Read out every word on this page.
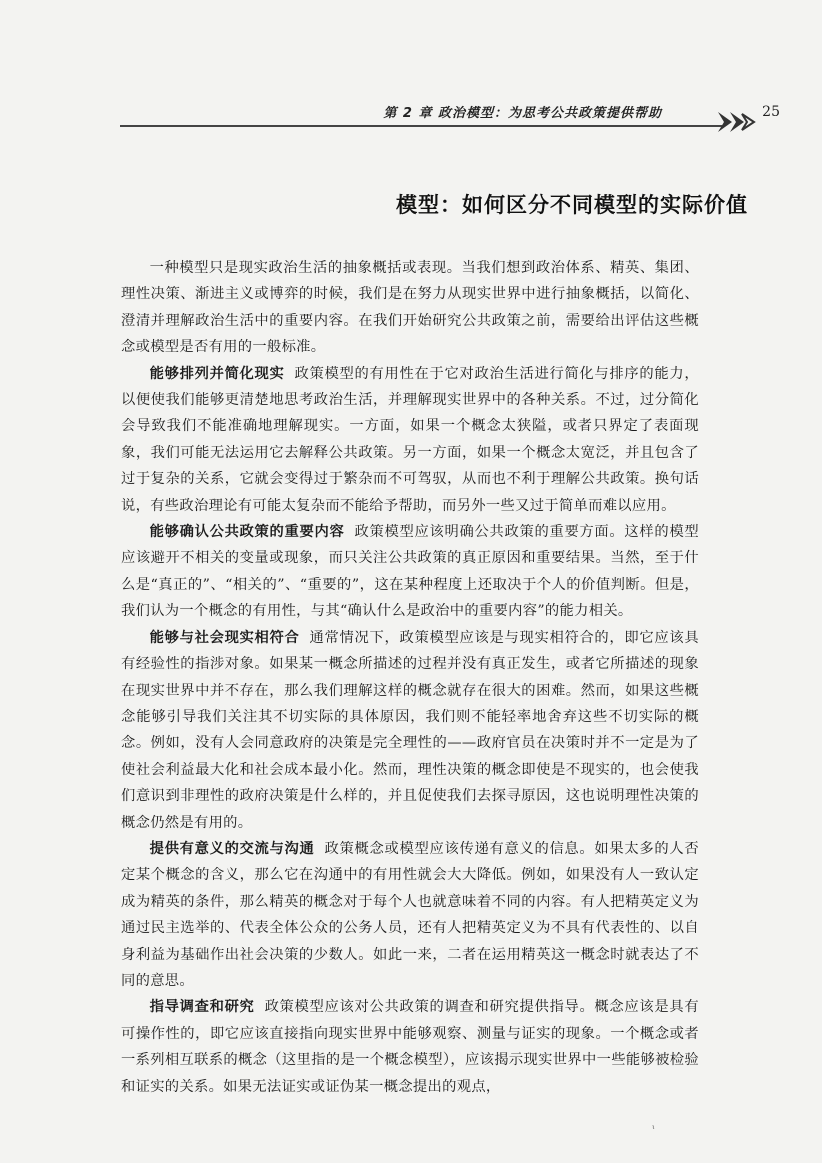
第 2 章 政治模型：为思考公共政策提供帮助	25
模型：如何区分不同模型的实际价值

一种模型只是现实政治生活的抽象概括或表现。当我们想到政治体系、精英、集团、理性决策、渐进主义或博弈的时候，我们是在努力从现实世界中进行抽象概括，以简化、澄清并理解政治生活中的重要内容。在我们开始研究公共政策之前，需要给出评估这些概念或模型是否有用的一般标准。

能够排列并简化现实 政策模型的有用性在于它对政治生活进行简化与排序的能力，以便使我们能够更清楚地思考政治生活，并理解现实世界中的各种关系。不过，过分简化会导致我们不能准确地理解现实。一方面，如果一个概念太狭隘，或者只界定了表面现象，我们可能无法运用它去解释公共政策。另一方面，如果一个概念太宽泛，并且包含了过于复杂的关系，它就会变得过于繁杂而不可驾驭，从而也不利于理解公共政策。换句话说，有些政治理论有可能太复杂而不能给予帮助，而另外一些又过于简单而难以应用。

能够确认公共政策的重要内容 政策模型应该明确公共政策的重要方面。这样的模型应该避开不相关的变量或现象，而只关注公共政策的真正原因和重要结果。当然，至于什么是“真正的”、“相关的”、“重要的”，这在某种程度上还取决于个人的价值判断。但是，我们认为一个概念的有用性，与其“确认什么是政治中的重要内容”的能力相关。

能够与社会现实相符合 通常情况下，政策模型应该是与现实相符合的，即它应该具有经验性的指涉对象。如果某一概念所描述的过程并没有真正发生，或者它所描述的现象在现实世界中并不存在，那么我们理解这样的概念就存在很大的困难。然而，如果这些概念能够引导我们关注其不切实际的具体原因，我们则不能轻率地舍弃这些不切实际的概念。例如，没有人会同意政府的决策是完全理性的——政府官员在决策时并不一定是为了使社会利益最大化和社会成本最小化。然而，理性决策的概念即使是不现实的，也会使我们意识到非理性的政府决策是什么样的，并且促使我们去探寻原因，这也说明理性决策的概念仍然是有用的。

提供有意义的交流与沟通 政策概念或模型应该传递有意义的信息。如果太多的人否定某个概念的含义，那么它在沟通中的有用性就会大大降低。例如，如果没有人一致认定成为精英的条件，那么精英的概念对于每个人也就意味着不同的内容。有人把精英定义为通过民主选举的、代表全体公众的公务人员，还有人把精英定义为不具有代表性的、以自身利益为基础作出社会决策的少数人。如此一来，二者在运用精英这一概念时就表达了不同的意思。

指导调查和研究 政策模型应该对公共政策的调查和研究提供指导。概念应该是具有可操作性的，即它应该直接指向现实世界中能够观察、测量与证实的现象。一个概念或者一系列相互联系的概念（这里指的是一个概念模型），应该揭示现实世界中一些能够被检验和证实的关系。如果无法证实或证伪某一概念提出的观点，

ᶥ
